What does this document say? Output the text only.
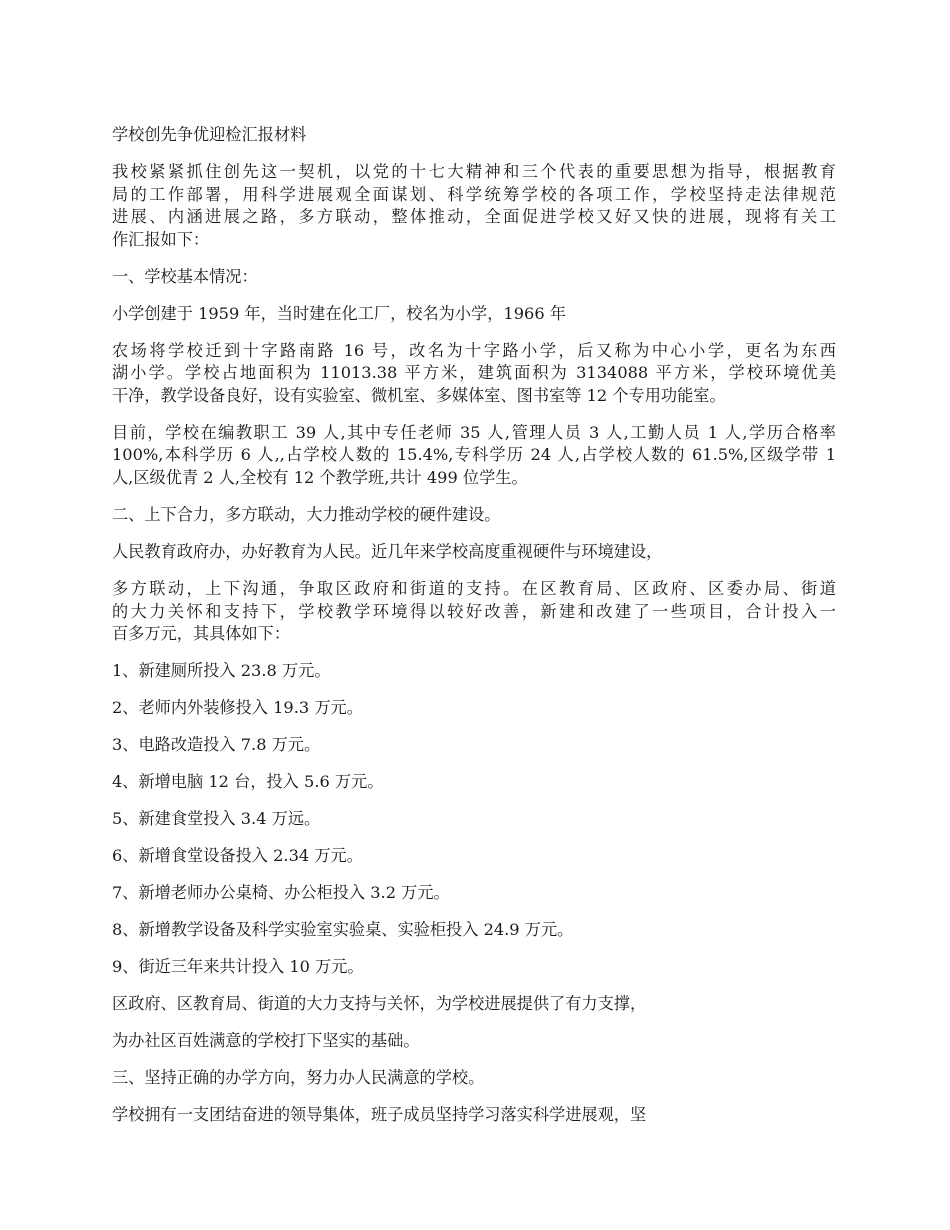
学校创先争优迎检汇报材料

我校紧紧抓住创先这一契机，以党的十七大精神和三个代表的重要思想为指导，根据教育
局的工作部署，用科学进展观全面谋划、科学统筹学校的各项工作，学校坚持走法律规范
进展、内涵进展之路，多方联动，整体推动，全面促进学校又好又快的进展，现将有关工
作汇报如下：
一、学校基本情况：
小学创建于 1959 年，当时建在化工厂，校名为小学，1966 年
农场将学校迁到十字路南路 16 号，改名为十字路小学，后又称为中心小学，更名为东西
湖小学。学校占地面积为 11013.38 平方米，建筑面积为 3134088 平方米，学校环境优美
干净，教学设备良好，设有实验室、微机室、多媒体室、图书室等 12 个专用功能室。
目前，学校在编教职工 39 人,其中专任老师 35 人,管理人员 3 人,工勤人员 1 人,学历合格率
100%,本科学历 6 人,,占学校人数的 15.4%,专科学历 24 人,占学校人数的 61.5%,区级学带 1
人,区级优青 2 人,全校有 12 个教学班,共计 499 位学生。
二、上下合力，多方联动，大力推动学校的硬件建设。
人民教育政府办，办好教育为人民。近几年来学校高度重视硬件与环境建设，
多方联动，上下沟通，争取区政府和街道的支持。在区教育局、区政府、区委办局、街道
的大力关怀和支持下，学校教学环境得以较好改善，新建和改建了一些项目，合计投入一
百多万元，其具体如下：
1、新建厕所投入 23.8 万元。
2、老师内外装修投入 19.3 万元。
3、电路改造投入 7.8 万元。
4、新增电脑 12 台，投入 5.6 万元。
5、新建食堂投入 3.4 万远。
6、新增食堂设备投入 2.34 万元。
7、新增老师办公桌椅、办公柜投入 3.2 万元。
8、新增教学设备及科学实验室实验桌、实验柜投入 24.9 万元。
9、街近三年来共计投入 10 万元。
区政府、区教育局、街道的大力支持与关怀，为学校进展提供了有力支撑，
为办社区百姓满意的学校打下坚实的基础。
三、坚持正确的办学方向，努力办人民满意的学校。
学校拥有一支团结奋进的领导集体，班子成员坚持学习落实科学进展观，坚
